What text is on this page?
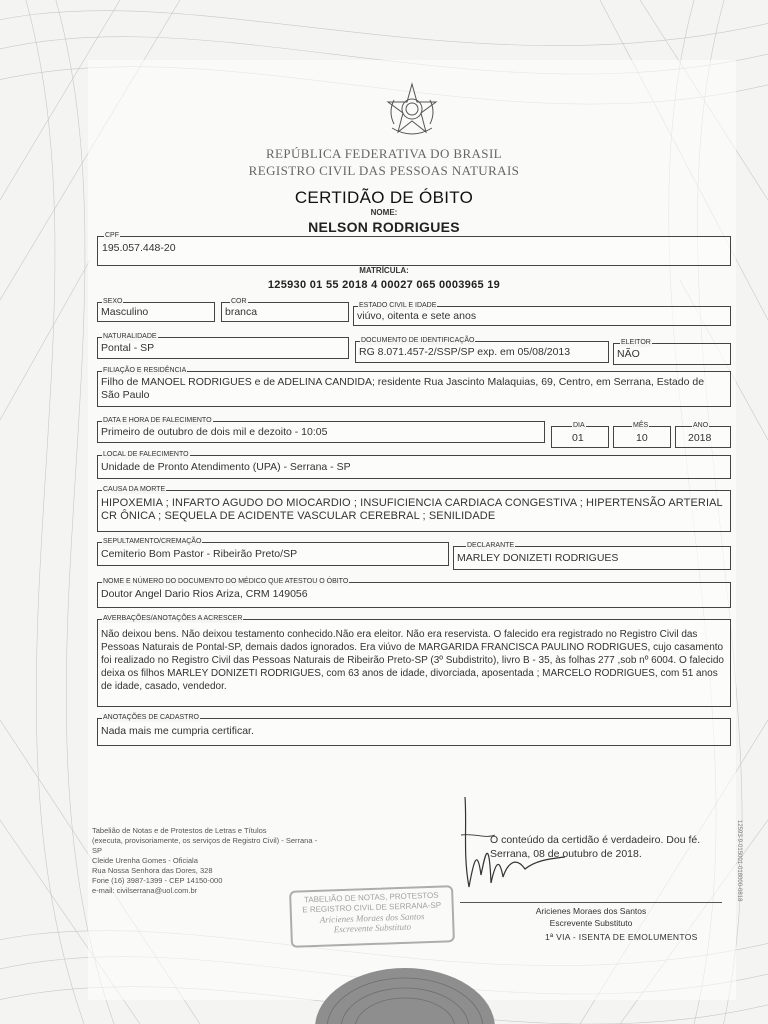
REPÚBLICA FEDERATIVA DO BRASIL
REGISTRO CIVIL DAS PESSOAS NATURAIS
CERTIDÃO DE ÓBITO
NOME:
NELSON RODRIGUES
CPF
195.057.448-20
MATRÍCULA:
125930 01 55 2018 4 00027 065 0003965 19
SEXO
Masculino
COR
branca
ESTADO CIVIL E IDADE
viúvo, oitenta e sete anos
NATURALIDADE
Pontal - SP
DOCUMENTO DE IDENTIFICAÇÃO
RG 8.071.457-2/SSP/SP exp. em 05/08/2013
ELEITOR
NÃO
FILIAÇÃO E RESIDÊNCIA
Filho de MANOEL RODRIGUES e de ADELINA CANDIDA; residente Rua Jascinto Malaquias, 69, Centro, em Serrana, Estado de São Paulo
DATA E HORA DE FALECIMENTO
Primeiro de outubro de dois mil e dezoito - 10:05
DIA
01
MÊS
10
ANO
2018
LOCAL DE FALECIMENTO
Unidade de Pronto Atendimento (UPA) - Serrana - SP
CAUSA DA MORTE
HIPOXEMIA ; INFARTO AGUDO DO MIOCARDIO ; INSUFICIENCIA CARDIACA CONGESTIVA ; HIPERTENSÃO ARTERIAL CR ÔNICA ; SEQUELA DE ACIDENTE VASCULAR CEREBRAL ; SENILIDADE
SEPULTAMENTO/CREMAÇÃO
Cemiterio Bom Pastor - Ribeirão Preto/SP
DECLARANTE
MARLEY DONIZETI RODRIGUES
NOME E NÚMERO DO DOCUMENTO DO MÉDICO QUE ATESTOU O ÓBITO
Doutor Angel Dario Rios Ariza, CRM 149056
AVERBAÇÕES/ANOTAÇÕES A ACRESCER
Não deixou bens. Não deixou testamento conhecido.Não era eleitor. Não era reservista. O falecido era registrado no Registro Civil das Pessoas Naturais de Pontal-SP, demais dados ignorados. Era viúvo de MARGARIDA FRANCISCA PAULINO RODRIGUES, cujo casamento foi realizado no Registro Civil das Pessoas Naturais de Ribeirão Preto-SP (3º Subdistrito), livro B - 35, às folhas 277 ,sob nº 6004. O falecido deixa os filhos MARLEY DONIZETI RODRIGUES, com 63 anos de idade, divorciada, aposentada ; MARCELO RODRIGUES, com 51 anos de idade, casado, vendedor.
ANOTAÇÕES DE CADASTRO
Nada mais me cumpria certificar.
Tabelião de Notas e de Protestos de Letras e Títulos
(executa, provisoriamente, os serviços de Registro Civil) - Serrana - SP
Cleide Urenha Gomes - Oficiala
Rua Nossa Senhora das Dores, 328
Fone (16) 3987-1399 - CEP 14150-000
e-mail: civilserrana@uol.com.br
TABELIÃO DE NOTAS, PROTESTOS
E REGISTRO CIVIL DE SERRANA-SP
Aricienes Moraes dos Santos
Escrevente Substituto
O conteúdo da certidão é verdadeiro. Dou fé.
Serrana, 08 de outubro de 2018.
Aricienes Moraes dos Santos
Escrevente Substituto
1ª VIA - ISENTA DE EMOLUMENTOS
12593-9-015001-018000-0818
